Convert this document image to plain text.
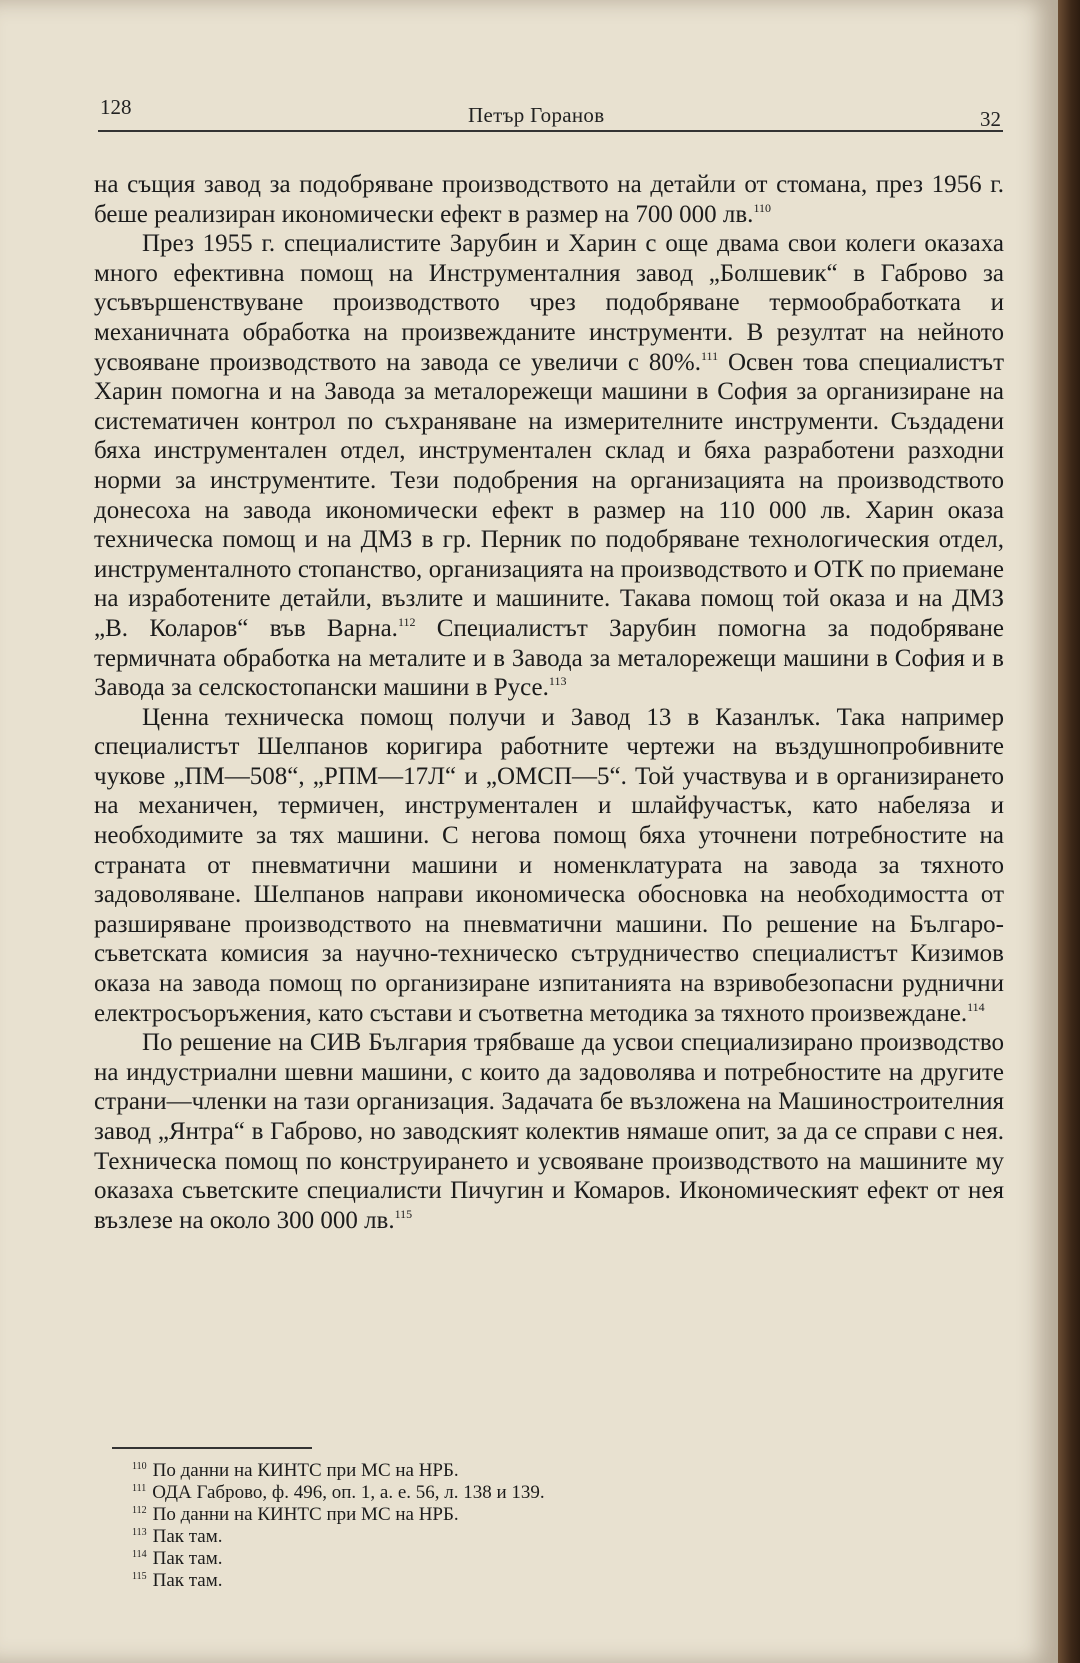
128	Петър Горанов	32

на същия завод за подобряване производството на детайли от стомана, през 1956 г. беше реализиран икономически ефект в размер на 700 000 лв.$^{110}$

През 1955 г. специалистите Зарубин и Харин с още двама свои колеги оказаха много ефективна помощ на Инструменталния завод „Болшевик“ в Габрово за усъвършенствуване производството чрез подобряване термообработката и механичната обработка на произвежданите инструменти. В резултат на нейното усвояване производството на завода се увеличи с 80%.$^{111}$ Освен това специалистът Харин помогна и на Завода за металорежещи машини в София за организиране на систематичен контрол по съхраняване на измерителните инструменти. Създадени бяха инструментален отдел, инструментален склад и бяха разработени разходни норми за инструментите. Тези подобрения на организацията на производството донесоха на завода икономически ефект в размер на 110 000 лв. Харин оказа техническа помощ и на ДМЗ в гр. Перник по подобряване технологическия отдел, инструменталното стопанство, организацията на производството и ОТК по приемане на изработените детайли, възлите и машините. Такава помощ той оказа и на ДМЗ „В. Коларов“ във Варна.$^{112}$ Специалистът Зарубин помогна за подобряване термичната обработка на металите и в Завода за металорежещи машини в София и в Завода за селскостопански машини в Русе.$^{113}$

Ценна техническа помощ получи и Завод 13 в Казанлък. Така например специалистът Шелпанов коригира работните чертежи на въздушнопробивните чукове „ПМ—508“, „РПМ—17Л“ и „ОМСП—5“. Той участвува и в организирането на механичен, термичен, инструментален и шлайфучастък, като набеляза и необходимите за тях машини. С негова помощ бяха уточнени потребностите на страната от пневматични машини и номенклатурата на завода за тяхното задоволяване. Шелпанов направи икономическа обосновка на необходимостта от разширяване производството на пневматични машини. По решение на Българо-съветската комисия за научно-техническо сътрудничество специалистът Кизимов оказа на завода помощ по организиране изпитанията на взривобезопасни руднични електросъоръжения, като състави и съответна методика за тяхното произвеждане.$^{114}$

По решение на СИВ България трябваше да усвои специализирано производство на индустриални шевни машини, с които да задоволява и потребностите на другите страни—членки на тази организация. Задачата бе възложена на Машиностроителния завод „Янтра“ в Габрово, но заводският колектив нямаше опит, за да се справи с нея. Техническа помощ по конструирането и усвояване производството на машините му оказаха съветските специалисти Пичугин и Комаров. Икономическият ефект от нея възлезе на около 300 000 лв.$^{115}$

$^{110}$ По данни на КИНТС при МС на НРБ.
$^{111}$ ОДА Габрово, ф. 496, оп. 1, а. е. 56, л. 138 и 139.
$^{112}$ По данни на КИНТС при МС на НРБ.
$^{113}$ Пак там.
$^{114}$ Пак там.
$^{115}$ Пак там.
